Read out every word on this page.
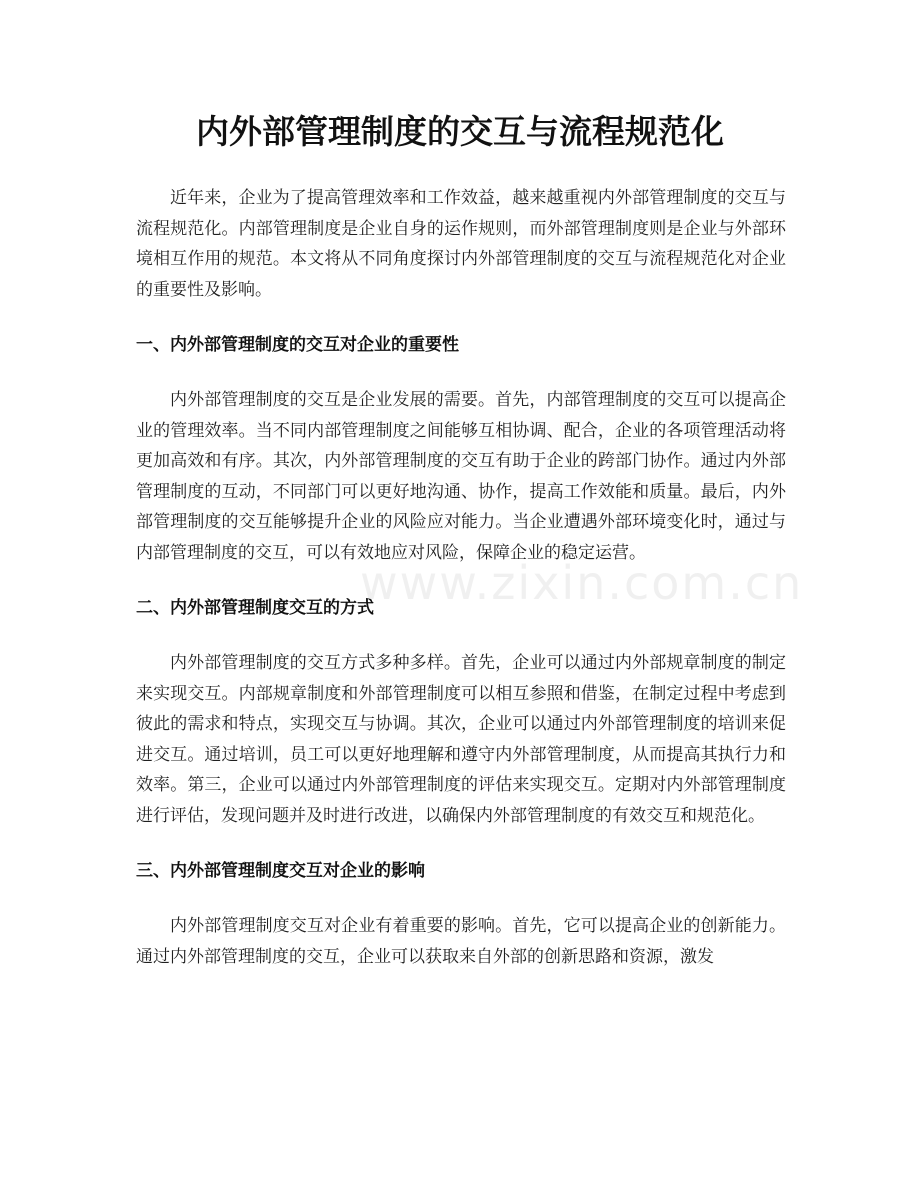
内外部管理制度的交互与流程规范化

近年来，企业为了提高管理效率和工作效益，越来越重视内外部管理制度的交互与流程规范化。内部管理制度是企业自身的运作规则，而外部管理制度则是企业与外部环境相互作用的规范。本文将从不同角度探讨内外部管理制度的交互与流程规范化对企业的重要性及影响。

一、内外部管理制度的交互对企业的重要性

内外部管理制度的交互是企业发展的需要。首先，内部管理制度的交互可以提高企业的管理效率。当不同内部管理制度之间能够互相协调、配合，企业的各项管理活动将更加高效和有序。其次，内外部管理制度的交互有助于企业的跨部门协作。通过内外部管理制度的互动，不同部门可以更好地沟通、协作，提高工作效能和质量。最后，内外部管理制度的交互能够提升企业的风险应对能力。当企业遭遇外部环境变化时，通过与内部管理制度的交互，可以有效地应对风险，保障企业的稳定运营。

二、内外部管理制度交互的方式

内外部管理制度的交互方式多种多样。首先，企业可以通过内外部规章制度的制定来实现交互。内部规章制度和外部管理制度可以相互参照和借鉴，在制定过程中考虑到彼此的需求和特点，实现交互与协调。其次，企业可以通过内外部管理制度的培训来促进交互。通过培训，员工可以更好地理解和遵守内外部管理制度，从而提高其执行力和效率。第三，企业可以通过内外部管理制度的评估来实现交互。定期对内外部管理制度进行评估，发现问题并及时进行改进，以确保内外部管理制度的有效交互和规范化。

三、内外部管理制度交互对企业的影响

内外部管理制度交互对企业有着重要的影响。首先，它可以提高企业的创新能力。通过内外部管理制度的交互，企业可以获取来自外部的创新思路和资源，激发

www.zixin.com.cn
